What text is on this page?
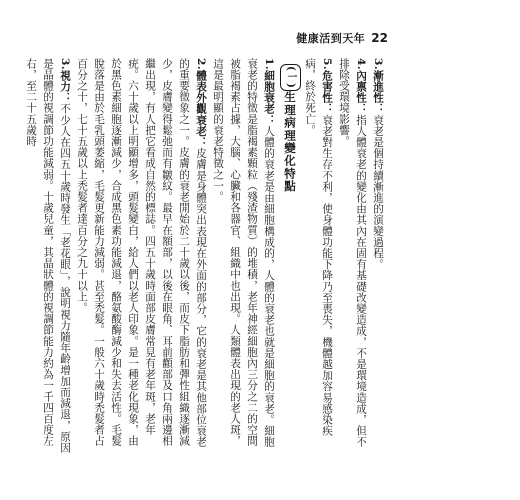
健康活到天年 22

3.漸進性：衰老是個持續漸進的演變過程。

4.內禀性：指人體衰老的變化由其內在固有基礎改變造成，不是環境造成，但不排除受環境影響。

5.危害性：衰老對生存不利，使身體功能下降乃至喪失，機體越加容易感染疾病，終於死亡。

(一)生理病理變化特點

1.細胞衰老：人體的衰老是由細胞構成的，人體的衰老也就是細胞的衰老。細胞衰老的特徵是脂褐素顆粒（殘渣物質）的堆積，老年神經細胞內三分之二的空間被脂褐素占據，大腦、心臟和各器官、組織中也出現。人類體表出現的老人斑，這是最明顯的衰老特徵之一。

2.體表外觀衰老：皮膚是身體突出表現在外面的部分，它的衰老是其他部位衰老的重要徵象之一。皮膚的衰老開始於二十歲以後，而皮下脂肪和彈性組織逐漸減少，皮膚變得鬆弛而有皺紋。最早在額部，以後在眼角、耳前顴部及口角兩邊相繼出現，有人把它看成自然的標誌。四五十歲時面部皮膚常見有老年斑，老年疣。六十歲以上明顯增多，頭髮變白，給人們以老人印象。是一種老化現象，由於黑色素細胞逐漸減少，合成黑色素功能減退，酪氨酸酶減少和失去活性。毛髮脫落是由於毛乳頭萎縮，毛髮更新能力減弱。甚至禿髮。一般六十歲時禿髮者占百分之十，七十五歲以上禿髮者達百分之九十以上。

3.視力：不少人在四五十歲時發生「老花眼」，說明視力隨年齡增加而減退，原因是晶體的視調節功能減弱。十歲兒童，其晶狀體的視調節能力約為一千四百度左右，至二十五歲時
